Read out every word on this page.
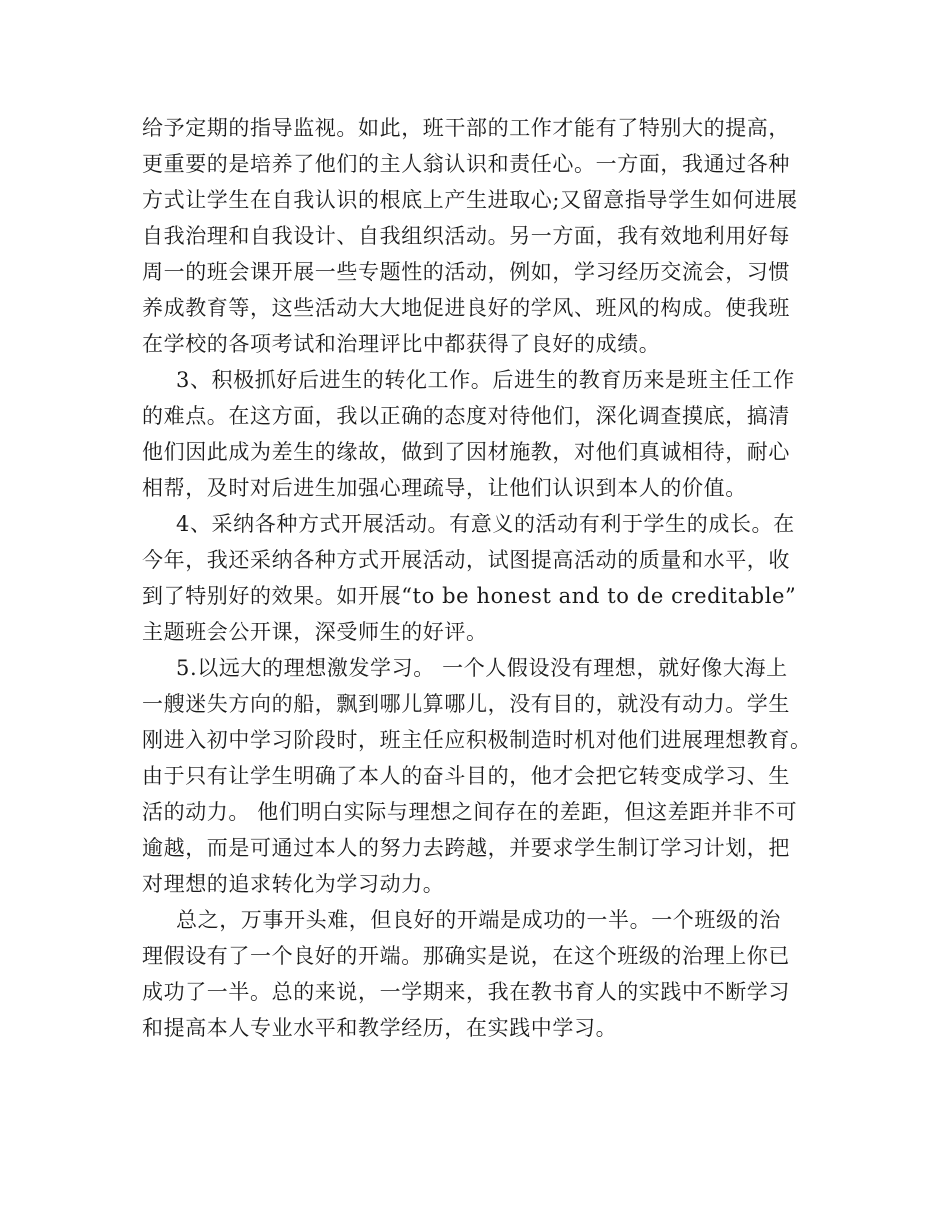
给予定期的指导监视。如此，班干部的工作才能有了特别大的提高，
更重要的是培养了他们的主人翁认识和责任心。一方面，我通过各种
方式让学生在自我认识的根底上产生进取心;又留意指导学生如何进展
自我治理和自我设计、自我组织活动。另一方面，我有效地利用好每
周一的班会课开展一些专题性的活动，例如，学习经历交流会，习惯
养成教育等，这些活动大大地促进良好的学风、班风的构成。使我班
在学校的各项考试和治理评比中都获得了良好的成绩。
3、积极抓好后进生的转化工作。后进生的教育历来是班主任工作
的难点。在这方面，我以正确的态度对待他们，深化调查摸底，搞清
他们因此成为差生的缘故，做到了因材施教，对他们真诚相待，耐心
相帮，及时对后进生加强心理疏导，让他们认识到本人的价值。
4、采纳各种方式开展活动。有意义的活动有利于学生的成长。在
今年，我还采纳各种方式开展活动，试图提高活动的质量和水平，收
到了特别好的效果。如开展“to be honest and to de creditable”
主题班会公开课，深受师生的好评。
5.以远大的理想激发学习。 一个人假设没有理想，就好像大海上
一艘迷失方向的船，飘到哪儿算哪儿，没有目的，就没有动力。学生
刚进入初中学习阶段时，班主任应积极制造时机对他们进展理想教育。
由于只有让学生明确了本人的奋斗目的，他才会把它转变成学习、生
活的动力。 他们明白实际与理想之间存在的差距，但这差距并非不可
逾越，而是可通过本人的努力去跨越，并要求学生制订学习计划，把
对理想的追求转化为学习动力。
总之，万事开头难，但良好的开端是成功的一半。一个班级的治
理假设有了一个良好的开端。那确实是说，在这个班级的治理上你已
成功了一半。总的来说，一学期来，我在教书育人的实践中不断学习
和提高本人专业水平和教学经历，在实践中学习。
